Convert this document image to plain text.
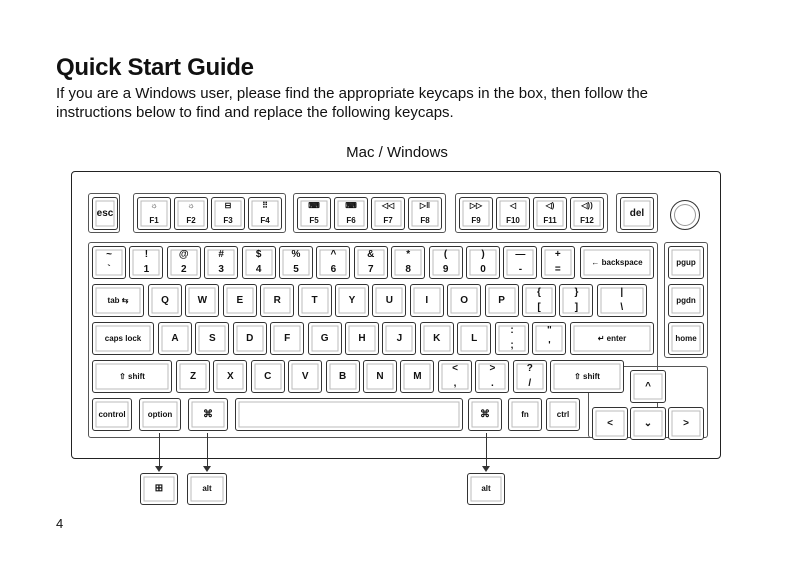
Quick Start Guide
If you are a Windows user, please find the appropriate keycaps in the box, then follow the instructions below to find and replace the following keycaps.
Mac / Windows
esc
☼
F1
☼
F2
⊟
F3
⠿
F4
⌨
F5
⌨
F6
◁◁
F7
▷‖
F8
▷▷
F9
◁
F10
◁)
F11
◁))
F12
del
~
`
!
1
@
2
#
3
$
4
%
5
^
6
&
7
*
8
(
9
)
0
—
-
+
=
← backspace	pgup
tab ⇆	Q	W	E	R	T	Y	U	I	O	P
{
[
}
]
|
\
pgdn
caps lock	A	S	D	F	G	H	J	K	L
:
;
"
'
↵ enter	home
⇧ shift	Z	X	C	V	B	N	M
<
,
>
.
?
/
⇧ shift
^
control	option	⌘	⌘	fn	ctrl
<	⌄	>
⊞	alt	alt
4
